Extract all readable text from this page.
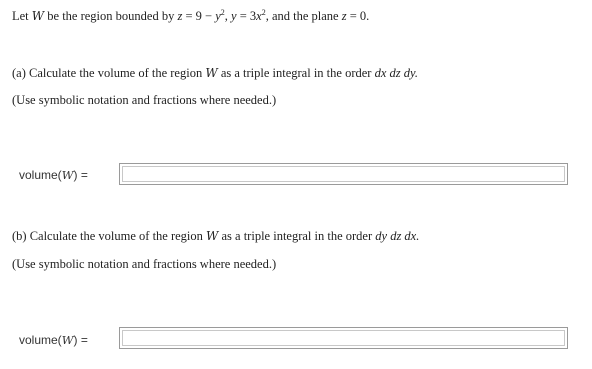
Let W be the region bounded by $z = 9 - y^2$, $y = 3x^2$, and the plane z = 0.
(a) Calculate the volume of the region W as a triple integral in the order dx dz dy.
(Use symbolic notation and fractions where needed.)
volume(W) =
(b) Calculate the volume of the region W as a triple integral in the order dy dz dx.
(Use symbolic notation and fractions where needed.)
volume(W) =
